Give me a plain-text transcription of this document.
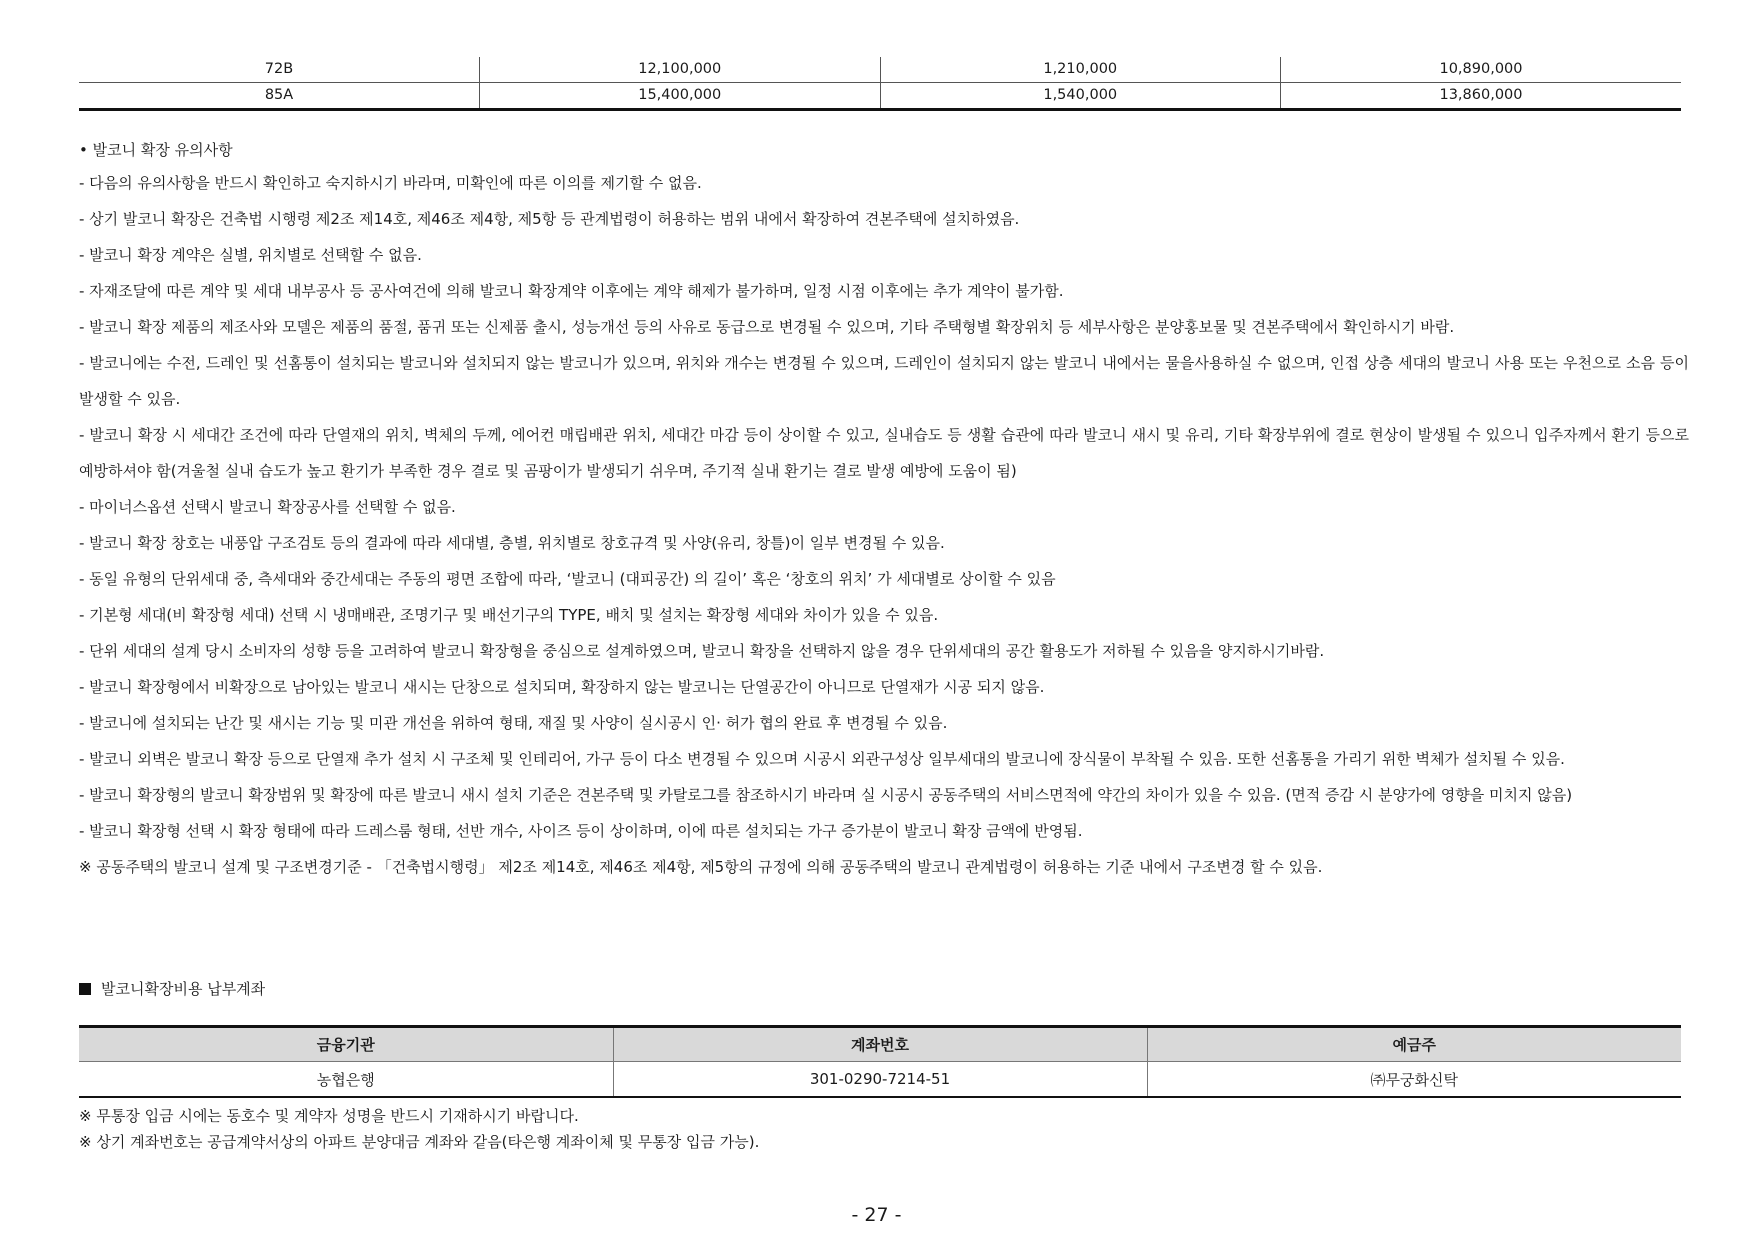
72B	12,100,000	1,210,000	10,890,000
85A	15,400,000	1,540,000	13,860,000

• 발코니 확장 유의사항

- 다음의 유의사항을 반드시 확인하고 숙지하시기 바라며, 미확인에 따른 이의를 제기할 수 없음.

- 상기 발코니 확장은 건축법 시행령 제2조 제14호, 제46조 제4항, 제5항 등 관계법령이 허용하는 범위 내에서 확장하여 견본주택에 설치하였음.

- 발코니 확장 계약은 실별, 위치별로 선택할 수 없음.

- 자재조달에 따른 계약 및 세대 내부공사 등 공사여건에 의해 발코니 확장계약 이후에는 계약 해제가 불가하며, 일정 시점 이후에는 추가 계약이 불가함.

- 발코니 확장 제품의 제조사와 모델은 제품의 품절, 품귀 또는 신제품 출시, 성능개선 등의 사유로 동급으로 변경될 수 있으며, 기타 주택형별 확장위치 등 세부사항은 분양홍보물 및 견본주택에서 확인하시기 바람.

- 발코니에는 수전, 드레인 및 선홈통이 설치되는 발코니와 설치되지 않는 발코니가 있으며, 위치와 개수는 변경될 수 있으며, 드레인이 설치되지 않는 발코니 내에서는 물을사용하실 수 없으며, 인접 상층 세대의 발코니 사용 또는 우천으로 소음 등이 발생할 수 있음.

- 발코니 확장 시 세대간 조건에 따라 단열재의 위치, 벽체의 두께, 에어컨 매립배관 위치, 세대간 마감 등이 상이할 수 있고, 실내습도 등 생활 습관에 따라 발코니 새시 및 유리, 기타 확장부위에 결로 현상이 발생될 수 있으니 입주자께서 환기 등으로 예방하셔야 함(겨울철 실내 습도가 높고 환기가 부족한 경우 결로 및 곰팡이가 발생되기 쉬우며, 주기적 실내 환기는 결로 발생 예방에 도움이 됨)

- 마이너스옵션 선택시 발코니 확장공사를 선택할 수 없음.

- 발코니 확장 창호는 내풍압 구조검토 등의 결과에 따라 세대별, 층별, 위치별로 창호규격 및 사양(유리, 창틀)이 일부 변경될 수 있음.

- 동일 유형의 단위세대 중, 측세대와 중간세대는 주동의 평면 조합에 따라, ‘발코니 (대피공간) 의 길이’ 혹은 ‘창호의 위치’ 가 세대별로 상이할 수 있음

- 기본형 세대(비 확장형 세대) 선택 시 냉매배관, 조명기구 및 배선기구의 TYPE, 배치 및 설치는 확장형 세대와 차이가 있을 수 있음.

- 단위 세대의 설계 당시 소비자의 성향 등을 고려하여 발코니 확장형을 중심으로 설계하였으며, 발코니 확장을 선택하지 않을 경우 단위세대의 공간 활용도가 저하될 수 있음을 양지하시기바람.

- 발코니 확장형에서 비확장으로 남아있는 발코니 새시는 단창으로 설치되며, 확장하지 않는 발코니는 단열공간이 아니므로 단열재가 시공 되지 않음.

- 발코니에 설치되는 난간 및 새시는 기능 및 미관 개선을 위하여 형태, 재질 및 사양이 실시공시 인· 허가 협의 완료 후 변경될 수 있음.

- 발코니 외벽은 발코니 확장 등으로 단열재 추가 설치 시 구조체 및 인테리어, 가구 등이 다소 변경될 수 있으며 시공시 외관구성상 일부세대의 발코니에 장식물이 부착될 수 있음. 또한 선홈통을 가리기 위한 벽체가 설치될 수 있음.

- 발코니 확장형의 발코니 확장범위 및 확장에 따른 발코니 새시 설치 기준은 견본주택 및 카탈로그를 참조하시기 바라며 실 시공시 공동주택의 서비스면적에 약간의 차이가 있을 수 있음. (면적 증감 시 분양가에 영향을 미치지 않음)

- 발코니 확장형 선택 시 확장 형태에 따라 드레스룸 형태, 선반 개수, 사이즈 등이 상이하며, 이에 따른 설치되는 가구 증가분이 발코니 확장 금액에 반영됨.

※ 공동주택의 발코니 설계 및 구조변경기준 - 「건축법시행령」 제2조 제14호, 제46조 제4항, 제5항의 규정에 의해 공동주택의 발코니 관계법령이 허용하는 기준 내에서 구조변경 할 수 있음.

발코니확장비용 납부계좌

금융기관	계좌번호	예금주
농협은행	301-0290-7214-51	㈜무궁화신탁

※ 무통장 입금 시에는 동호수 및 계약자 성명을 반드시 기재하시기 바랍니다.

※ 상기 계좌번호는 공급계약서상의 아파트 분양대금 계좌와 같음(타은행 계좌이체 및 무통장 입금 가능).

- 27 -
